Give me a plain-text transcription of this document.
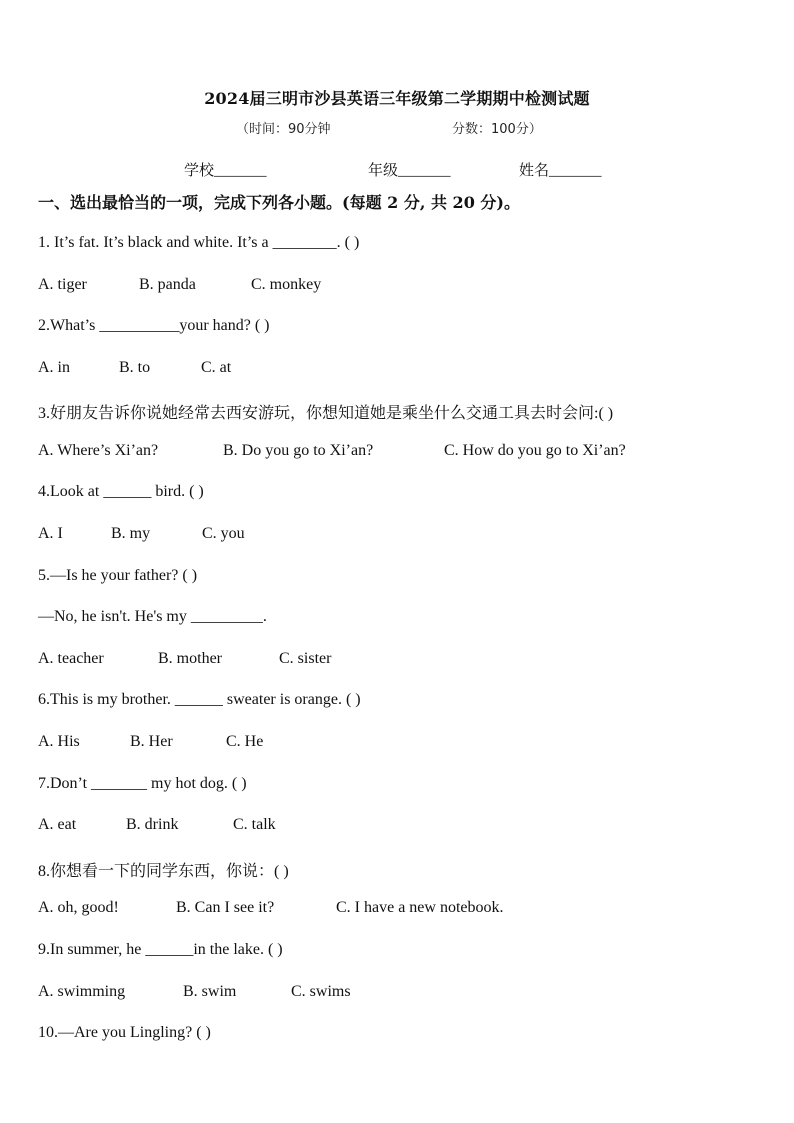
2024届三明市沙县英语三年级第二学期期中检测试题
（时间：90分钟	分数：100分）
学校_______	年级_______	姓名_______
一、选出最恰当的一项，完成下列各小题。(每题 2 分, 共 20 分)。
1. It’s fat. It’s black and white. It’s a ________. ( )
A. tiger	B. panda	C. monkey
2.What’s __________your hand? ( )
A. in	B. to	C. at
3.好朋友告诉你说她经常去西安游玩，你想知道她是乘坐什么交通工具去时会问:( )
A. Where’s Xi’an?	B. Do you go to Xi’an?	C. How do you go to Xi’an?
4.Look at ______ bird. ( )
A. I	B. my	C. you
5.—Is he your father? ( )
—No, he isn't. He's my _________.
A. teacher	B. mother	C. sister
6.This is my brother. ______ sweater is orange. ( )
A. His	B. Her	C. He
7.Don’t _______ my hot dog. ( )
A. eat	B. drink	C. talk
8.你想看一下的同学东西，你说：( )
A. oh, good!	B. Can I see it?	C. I have a new notebook.
9.In summer, he ______in the lake. ( )
A. swimming	B. swim	C. swims
10.—Are you Lingling? ( )
